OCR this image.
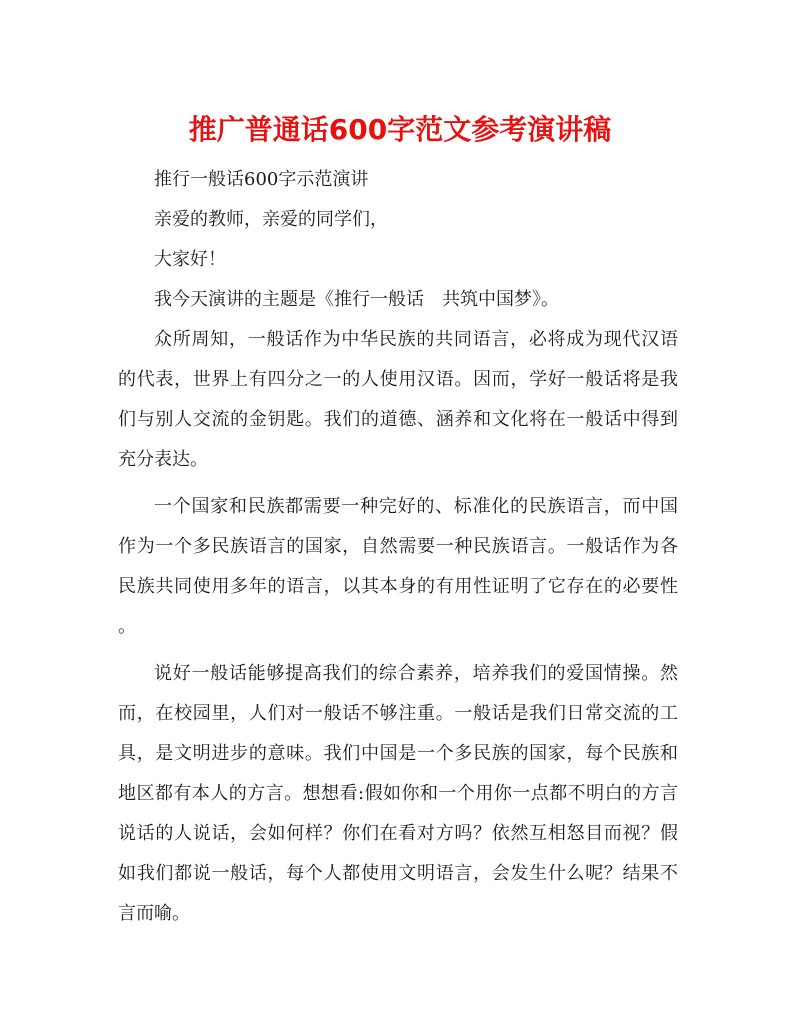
推广普通话600字范文参考演讲稿
推行一般话600字示范演讲
亲爱的教师，亲爱的同学们，
大家好！
我今天演讲的主题是《推行一般话　共筑中国梦》。
众所周知，一般话作为中华民族的共同语言，必将成为现代汉语
的代表，世界上有四分之一的人使用汉语。因而，学好一般话将是我
们与别人交流的金钥匙。我们的道德、涵养和文化将在一般话中得到
充分表达。
一个国家和民族都需要一种完好的、标准化的民族语言，而中国
作为一个多民族语言的国家，自然需要一种民族语言。一般话作为各
民族共同使用多年的语言，以其本身的有用性证明了它存在的必要性
。
说好一般话能够提高我们的综合素养，培养我们的爱国情操。然
而，在校园里，人们对一般话不够注重。一般话是我们日常交流的工
具，是文明进步的意味。我们中国是一个多民族的国家，每个民族和
地区都有本人的方言。想想看:假如你和一个用你一点都不明白的方言
说话的人说话，会如何样？你们在看对方吗？依然互相怒目而视？假
如我们都说一般话，每个人都使用文明语言，会发生什么呢？结果不
言而喻。
